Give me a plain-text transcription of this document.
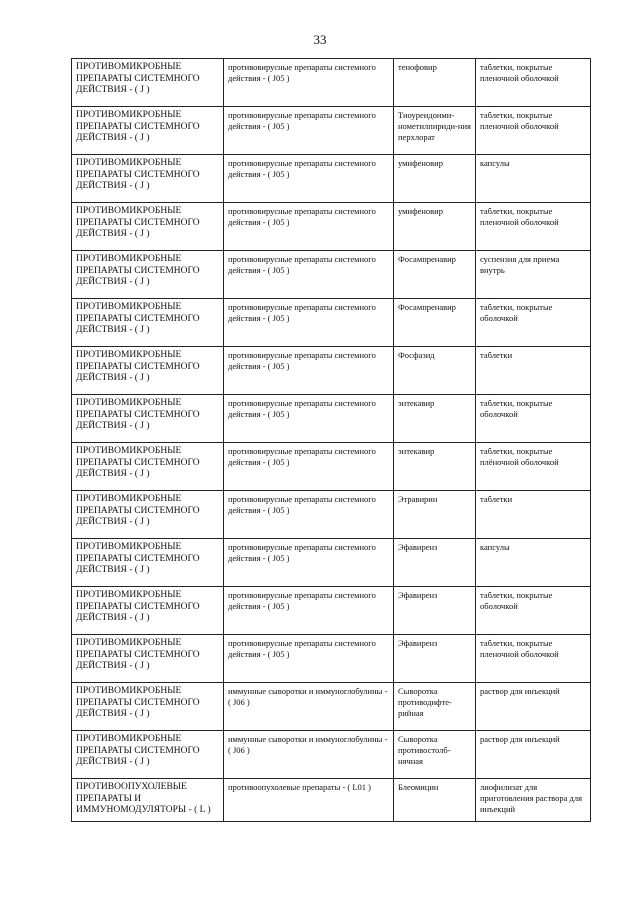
33
ПРОТИВОМИКРОБНЫЕ ПРЕПАРАТЫ СИСТЕМНОГО ДЕЙСТВИЯ - ( J )	противовирусные препараты системного действия - ( J05 )	тенофовир	таблетки, покрытые пленочной оболочкой
ПРОТИВОМИКРОБНЫЕ ПРЕПАРАТЫ СИСТЕМНОГО ДЕЙСТВИЯ - ( J )	противовирусные препараты системного действия - ( J05 )	Тиоуреидоими-нометилпириди-ния перхлорат	таблетки, покрытые пленочной оболочкой
ПРОТИВОМИКРОБНЫЕ ПРЕПАРАТЫ СИСТЕМНОГО ДЕЙСТВИЯ - ( J )	противовирусные препараты системного действия - ( J05 )	умифеновир	капсулы
ПРОТИВОМИКРОБНЫЕ ПРЕПАРАТЫ СИСТЕМНОГО ДЕЙСТВИЯ - ( J )	противовирусные препараты системного действия - ( J05 )	умифеновир	таблетки, покрытые пленочной оболочкой
ПРОТИВОМИКРОБНЫЕ ПРЕПАРАТЫ СИСТЕМНОГО ДЕЙСТВИЯ - ( J )	противовирусные препараты системного действия - ( J05 )	Фосампренавир	суспензия для приема внутрь
ПРОТИВОМИКРОБНЫЕ ПРЕПАРАТЫ СИСТЕМНОГО ДЕЙСТВИЯ - ( J )	противовирусные препараты системного действия - ( J05 )	Фосампренавир	таблетки, покрытые оболочкой
ПРОТИВОМИКРОБНЫЕ ПРЕПАРАТЫ СИСТЕМНОГО ДЕЙСТВИЯ - ( J )	противовирусные препараты системного действия - ( J05 )	Фосфазид	таблетки
ПРОТИВОМИКРОБНЫЕ ПРЕПАРАТЫ СИСТЕМНОГО ДЕЙСТВИЯ - ( J )	противовирусные препараты системного действия - ( J05 )	энтекавир	таблетки, покрытые оболочкой
ПРОТИВОМИКРОБНЫЕ ПРЕПАРАТЫ СИСТЕМНОГО ДЕЙСТВИЯ - ( J )	противовирусные препараты системного действия - ( J05 )	энтекавир	таблетки, покрытые плёночной оболочкой
ПРОТИВОМИКРОБНЫЕ ПРЕПАРАТЫ СИСТЕМНОГО ДЕЙСТВИЯ - ( J )	противовирусные препараты системного действия - ( J05 )	Этравирин	таблетки
ПРОТИВОМИКРОБНЫЕ ПРЕПАРАТЫ СИСТЕМНОГО ДЕЙСТВИЯ - ( J )	противовирусные препараты системного действия - ( J05 )	Эфавиренз	капсулы
ПРОТИВОМИКРОБНЫЕ ПРЕПАРАТЫ СИСТЕМНОГО ДЕЙСТВИЯ - ( J )	противовирусные препараты системного действия - ( J05 )	Эфавиренз	таблетки, покрытые оболочкой
ПРОТИВОМИКРОБНЫЕ ПРЕПАРАТЫ СИСТЕМНОГО ДЕЙСТВИЯ - ( J )	противовирусные препараты системного действия - ( J05 )	Эфавиренз	таблетки, покрытые пленочной оболочкой
ПРОТИВОМИКРОБНЫЕ ПРЕПАРАТЫ СИСТЕМНОГО ДЕЙСТВИЯ - ( J )	иммунные сыворотки и иммуноглобулины - ( J06 )	Сыворотка противодифте-рийная	раствор для инъекций
ПРОТИВОМИКРОБНЫЕ ПРЕПАРАТЫ СИСТЕМНОГО ДЕЙСТВИЯ - ( J )	иммунные сыворотки и иммуноглобулины - ( J06 )	Сыворотка противостолб-нячная	раствор для инъекций
ПРОТИВООПУХОЛЕВЫЕ ПРЕПАРАТЫ И ИММУНОМОДУЛЯТОРЫ - ( L )	противоопухолевые препараты - ( L01 )	Блеомицин	лиофилизат для приготовления раствора для инъекций
